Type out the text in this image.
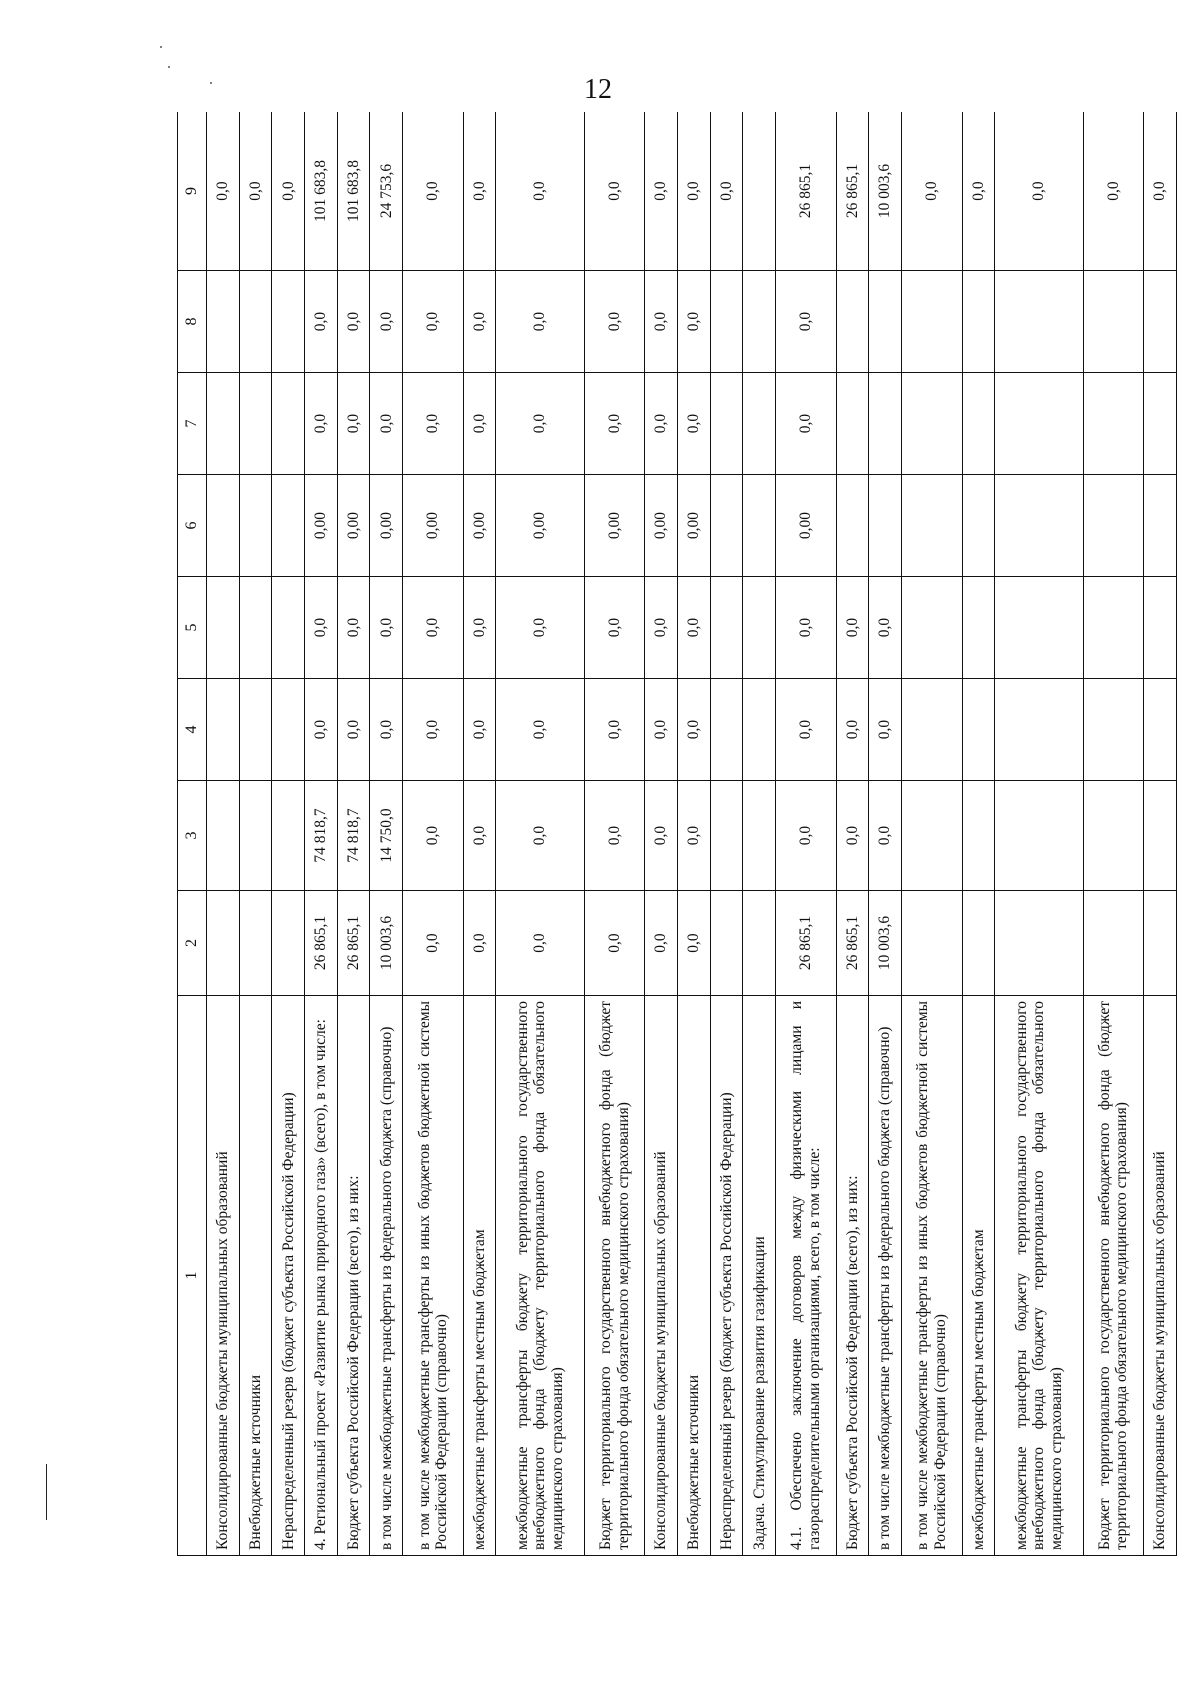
12
1	2	3	4	5	6	7	8	9
Консолидированные бюджеты муниципальных образований								0,0
Внебюджетные источники								0,0
Нераспределенный резерв (бюджет субъекта Российской Федерации)								0,0
4. Региональный проект «Развитие рынка природного газа» (всего), в том числе:	26 865,1	74 818,7	0,0	0,0	0,00	0,0	0,0	101 683,8
Бюджет субъекта Российской Федерации (всего), из них:	26 865,1	74 818,7	0,0	0,0	0,00	0,0	0,0	101 683,8
в том числе межбюджетные трансферты из федерального бюджета (справочно)	10 003,6	14 750,0	0,0	0,0	0,00	0,0	0,0	24 753,6
в том числе межбюджетные трансферты из иных бюджетов бюджетной системы Российской Федерации (справочно)	0,0	0,0	0,0	0,0	0,00	0,0	0,0	0,0
межбюджетные трансферты местным бюджетам	0,0	0,0	0,0	0,0	0,00	0,0	0,0	0,0
межбюджетные трансферты бюджету территориального государственного внебюджетного фонда (бюджету территориального фонда обязательного медицинского страхования)	0,0	0,0	0,0	0,0	0,00	0,0	0,0	0,0
Бюджет территориального государственного внебюджетного фонда (бюджет территориального фонда обязательного медицинского страхования)	0,0	0,0	0,0	0,0	0,00	0,0	0,0	0,0
Консолидированные бюджеты муниципальных образований	0,0	0,0	0,0	0,0	0,00	0,0	0,0	0,0
Внебюджетные источники	0,0	0,0	0,0	0,0	0,00	0,0	0,0	0,0
Нераспределенный резерв (бюджет субъекта Российской Федерации)								0,0
Задача. Стимулирование развития газификации								
4.1. Обеспечено заключение договоров между физическими лицами и газораспределительными организациями, всего, в том числе:	26 865,1	0,0	0,0	0,0	0,00	0,0	0,0	26 865,1
Бюджет субъекта Российской Федерации (всего), из них:	26 865,1	0,0	0,0	0,0				26 865,1
в том числе межбюджетные трансферты из федерального бюджета (справочно)	10 003,6	0,0	0,0	0,0				10 003,6
в том числе межбюджетные трансферты из иных бюджетов бюджетной системы Российской Федерации (справочно)								0,0
межбюджетные трансферты местным бюджетам								0,0
межбюджетные трансферты бюджету территориального государственного внебюджетного фонда (бюджету территориального фонда обязательного медицинского страхования)								0,0
Бюджет территориального государственного внебюджетного фонда (бюджет территориального фонда обязательного медицинского страхования)								0,0
Консолидированные бюджеты муниципальных образований								0,0
